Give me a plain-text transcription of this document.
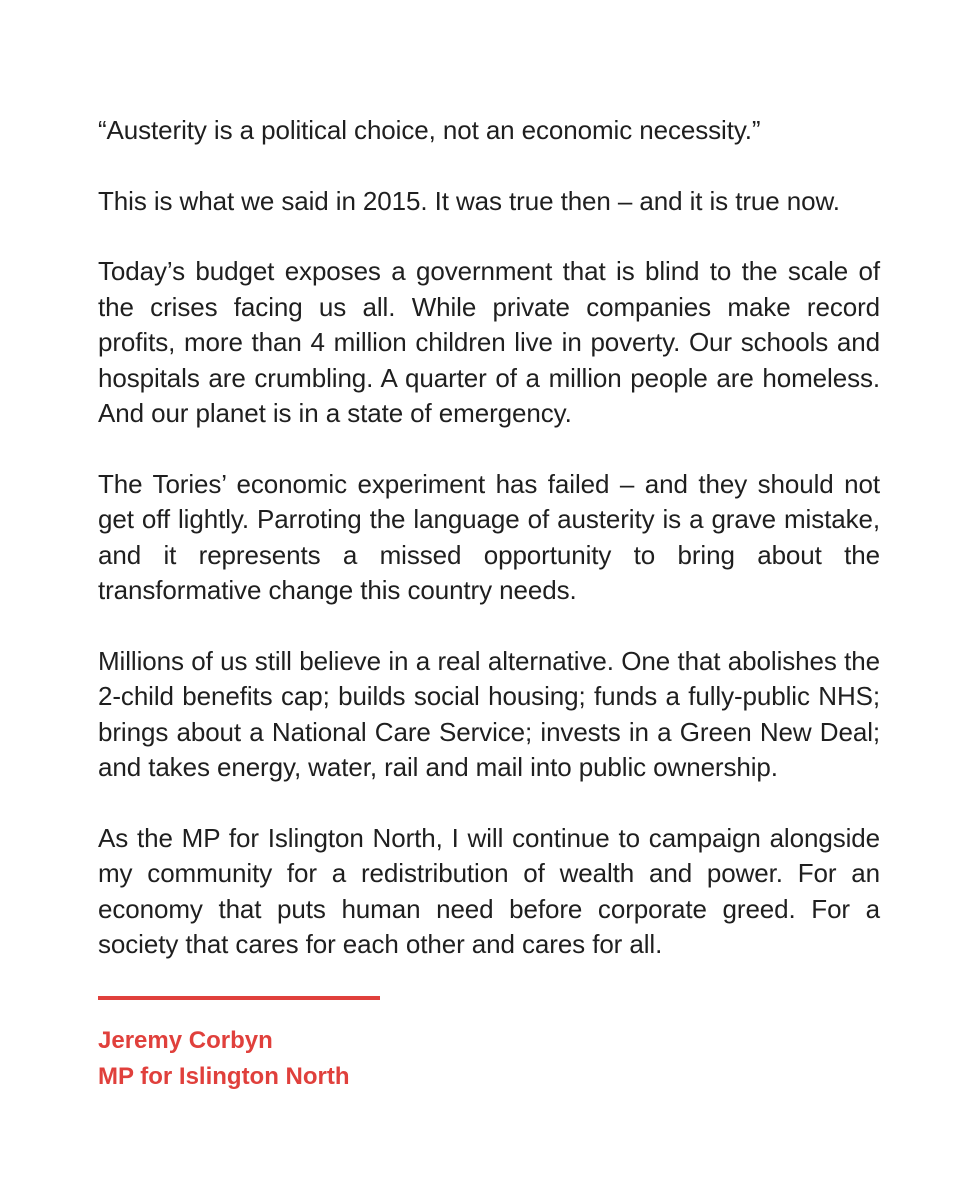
“Austerity is a political choice, not an economic necessity.”

This is what we said in 2015. It was true then – and it is true now.

Today’s budget exposes a government that is blind to the scale of the crises facing us all. While private companies make record profits, more than 4 million children live in poverty. Our schools and hospitals are crumbling. A quarter of a million people are homeless. And our planet is in a state of emergency.

The Tories’ economic experiment has failed – and they should not get off lightly. Parroting the language of austerity is a grave mistake, and it represents a missed opportunity to bring about the transformative change this country needs.

Millions of us still believe in a real alternative. One that abolishes the 2-child benefits cap; builds social housing; funds a fully-public NHS; brings about a National Care Service; invests in a Green New Deal; and takes energy, water, rail and mail into public ownership.

As the MP for Islington North, I will continue to campaign alongside my community for a redistribution of wealth and power. For an economy that puts human need before corporate greed. For a society that cares for each other and cares for all.

Jeremy Corbyn
MP for Islington North
